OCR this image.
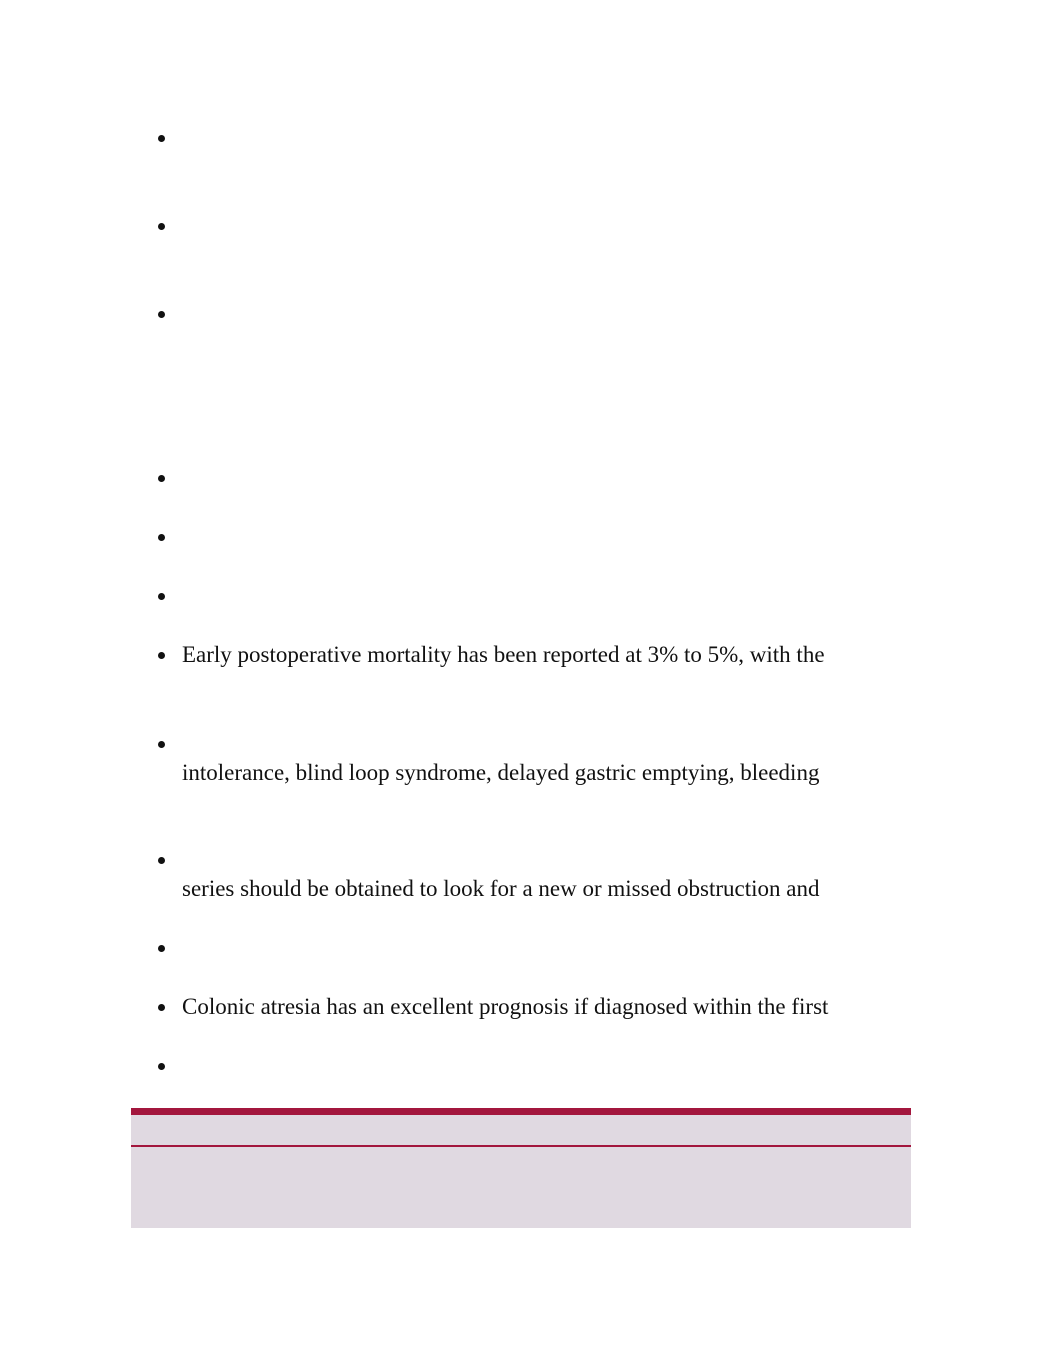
Early postoperative mortality has been reported at 3% to 5%, with the
intolerance, blind loop syndrome, delayed gastric emptying, bleeding
series should be obtained to look for a new or missed obstruction and
Colonic atresia has an excellent prognosis if diagnosed within the first
